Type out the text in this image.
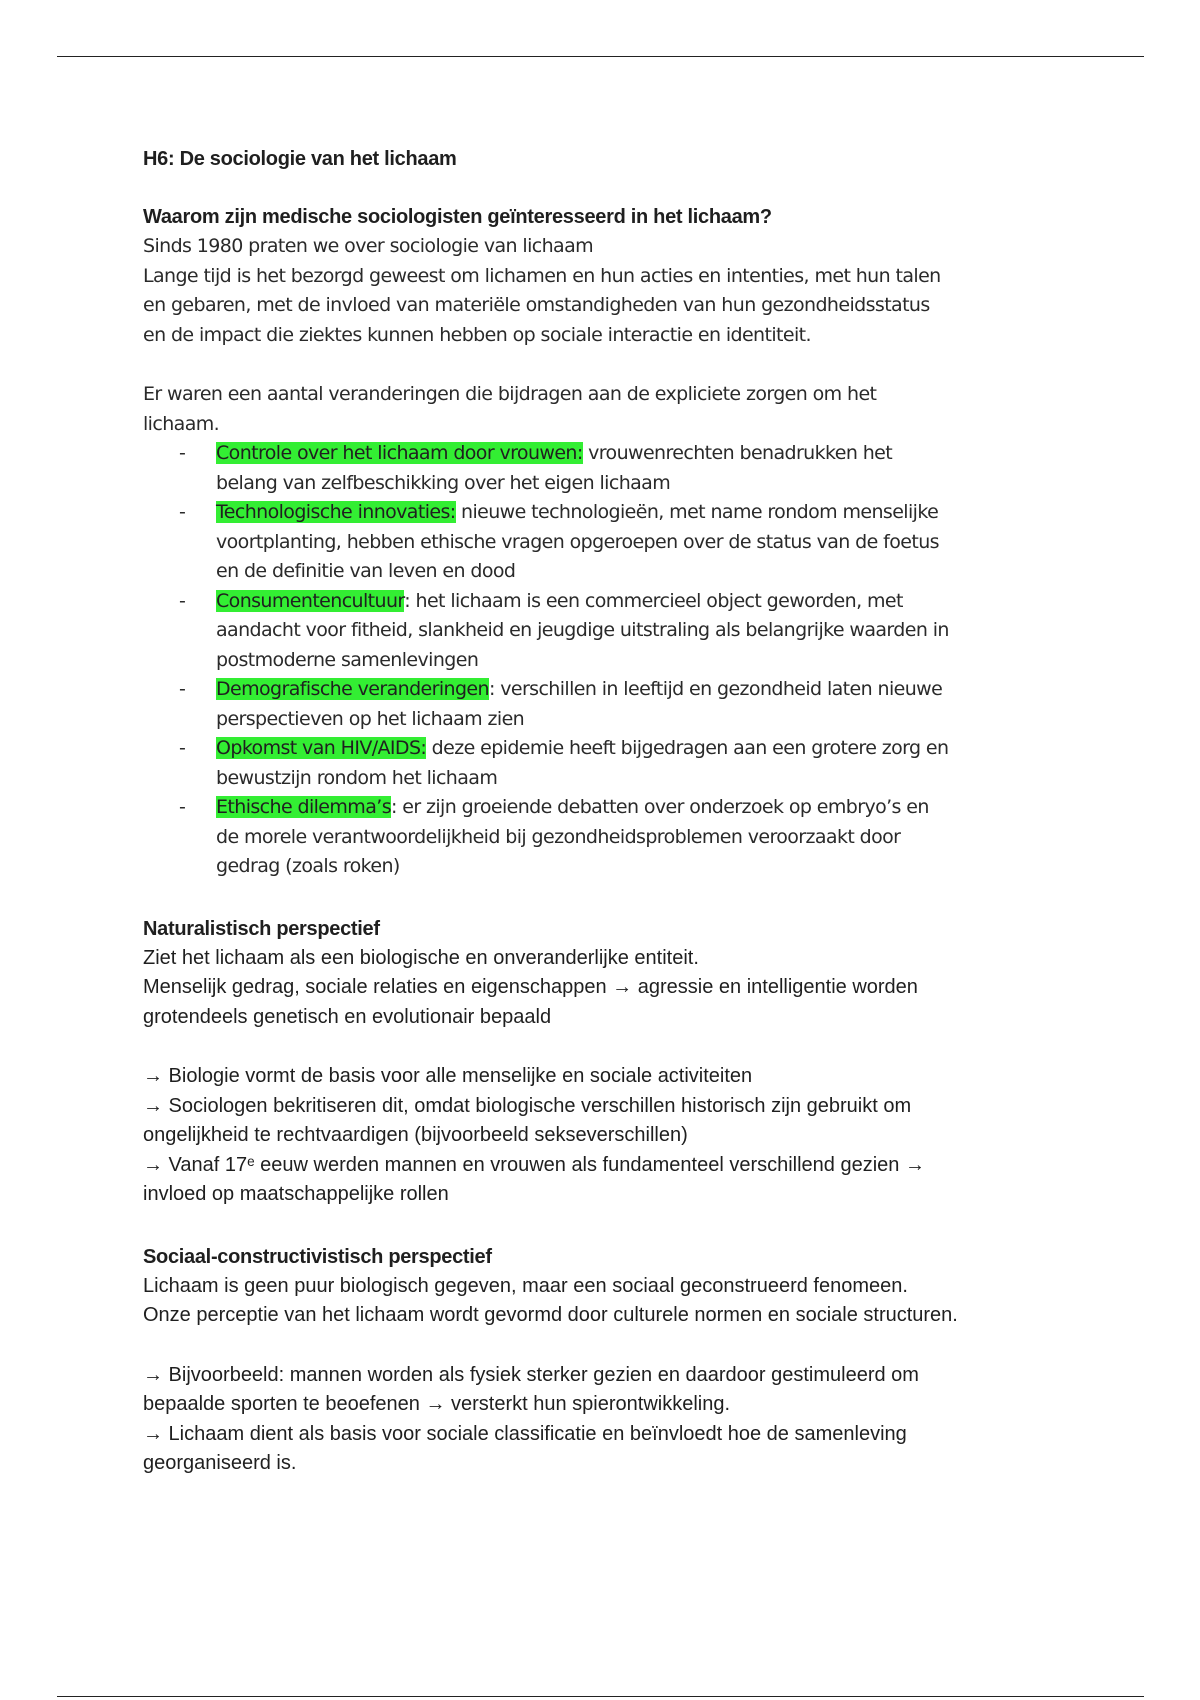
H6: De sociologie van het lichaam
Waarom zijn medische sociologisten geïnteresseerd in het lichaam?
Sinds 1980 praten we over sociologie van lichaam
Lange tijd is het bezorgd geweest om lichamen en hun acties en intenties, met hun talen
en gebaren, met de invloed van materiële omstandigheden van hun gezondheidsstatus
en de impact die ziektes kunnen hebben op sociale interactie en identiteit.
Er waren een aantal veranderingen die bijdragen aan de expliciete zorgen om het
lichaam.
- Controle over het lichaam door vrouwen: vrouwenrechten benadrukken het
belang van zelfbeschikking over het eigen lichaam
- Technologische innovaties: nieuwe technologieën, met name rondom menselijke
voortplanting, hebben ethische vragen opgeroepen over de status van de foetus
en de definitie van leven en dood
- Consumentencultuur: het lichaam is een commercieel object geworden, met
aandacht voor fitheid, slankheid en jeugdige uitstraling als belangrijke waarden in
postmoderne samenlevingen
- Demografische veranderingen: verschillen in leeftijd en gezondheid laten nieuwe
perspectieven op het lichaam zien
- Opkomst van HIV/AIDS: deze epidemie heeft bijgedragen aan een grotere zorg en
bewustzijn rondom het lichaam
- Ethische dilemma’s: er zijn groeiende debatten over onderzoek op embryo’s en
de morele verantwoordelijkheid bij gezondheidsproblemen veroorzaakt door
gedrag (zoals roken)
Naturalistisch perspectief
Ziet het lichaam als een biologische en onveranderlijke entiteit.
Menselijk gedrag, sociale relaties en eigenschappen → agressie en intelligentie worden
grotendeels genetisch en evolutionair bepaald
→ Biologie vormt de basis voor alle menselijke en sociale activiteiten
→ Sociologen bekritiseren dit, omdat biologische verschillen historisch zijn gebruikt om
ongelijkheid te rechtvaardigen (bijvoorbeeld sekseverschillen)
→ Vanaf 17ᵉ eeuw werden mannen en vrouwen als fundamenteel verschillend gezien →
invloed op maatschappelijke rollen
Sociaal-constructivistisch perspectief
Lichaam is geen puur biologisch gegeven, maar een sociaal geconstrueerd fenomeen.
Onze perceptie van het lichaam wordt gevormd door culturele normen en sociale structuren.
→ Bijvoorbeeld: mannen worden als fysiek sterker gezien en daardoor gestimuleerd om
bepaalde sporten te beoefenen → versterkt hun spierontwikkeling.
→ Lichaam dient als basis voor sociale classificatie en beïnvloedt hoe de samenleving
georganiseerd is.
